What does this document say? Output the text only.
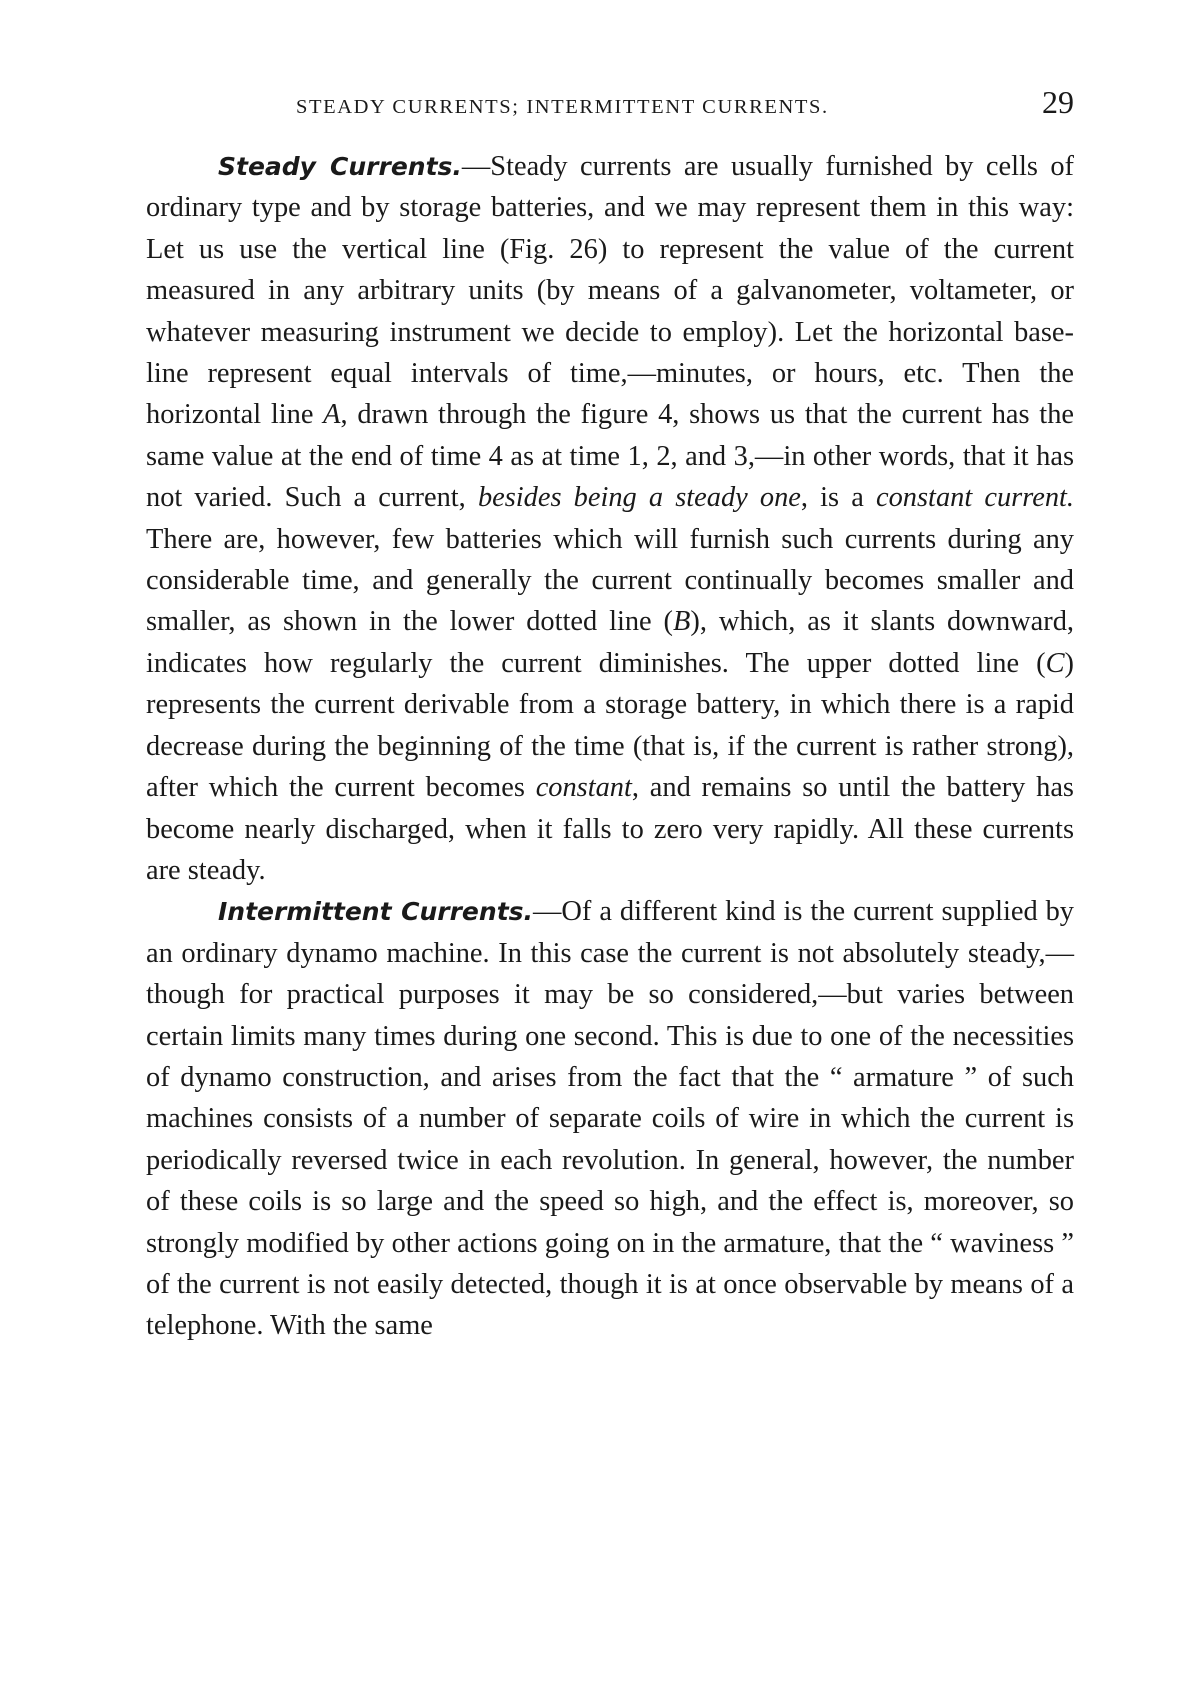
STEADY CURRENTS; INTERMITTENT CURRENTS.	29

Steady Currents.—Steady currents are usually furnished by cells of ordinary type and by storage batteries, and we may represent them in this way: Let us use the vertical line (Fig. 26) to represent the value of the current measured in any arbitrary units (by means of a galvanometer, voltameter, or whatever measuring instrument we decide to employ). Let the horizontal base-line represent equal intervals of time,—minutes, or hours, etc. Then the horizontal line A, drawn through the figure 4, shows us that the current has the same value at the end of time 4 as at time 1, 2, and 3,—in other words, that it has not varied. Such a current, besides being a steady one, is a constant current. There are, however, few batteries which will furnish such currents during any considerable time, and generally the current continually becomes smaller and smaller, as shown in the lower dotted line (B), which, as it slants downward, indicates how regularly the current diminishes. The upper dotted line (C) represents the current derivable from a storage battery, in which there is a rapid decrease during the beginning of the time (that is, if the current is rather strong), after which the current becomes constant, and remains so until the battery has become nearly discharged, when it falls to zero very rapidly. All these currents are steady.

Intermittent Currents.—Of a different kind is the current supplied by an ordinary dynamo machine. In this case the current is not absolutely steady,—though for practical purposes it may be so considered,—but varies between certain limits many times during one second. This is due to one of the necessities of dynamo construction, and arises from the fact that the “ armature ” of such machines consists of a number of separate coils of wire in which the current is periodically reversed twice in each revolution. In general, however, the number of these coils is so large and the speed so high, and the effect is, moreover, so strongly modified by other actions going on in the armature, that the “ waviness ” of the current is not easily detected, though it is at once observable by means of a telephone. With the same
